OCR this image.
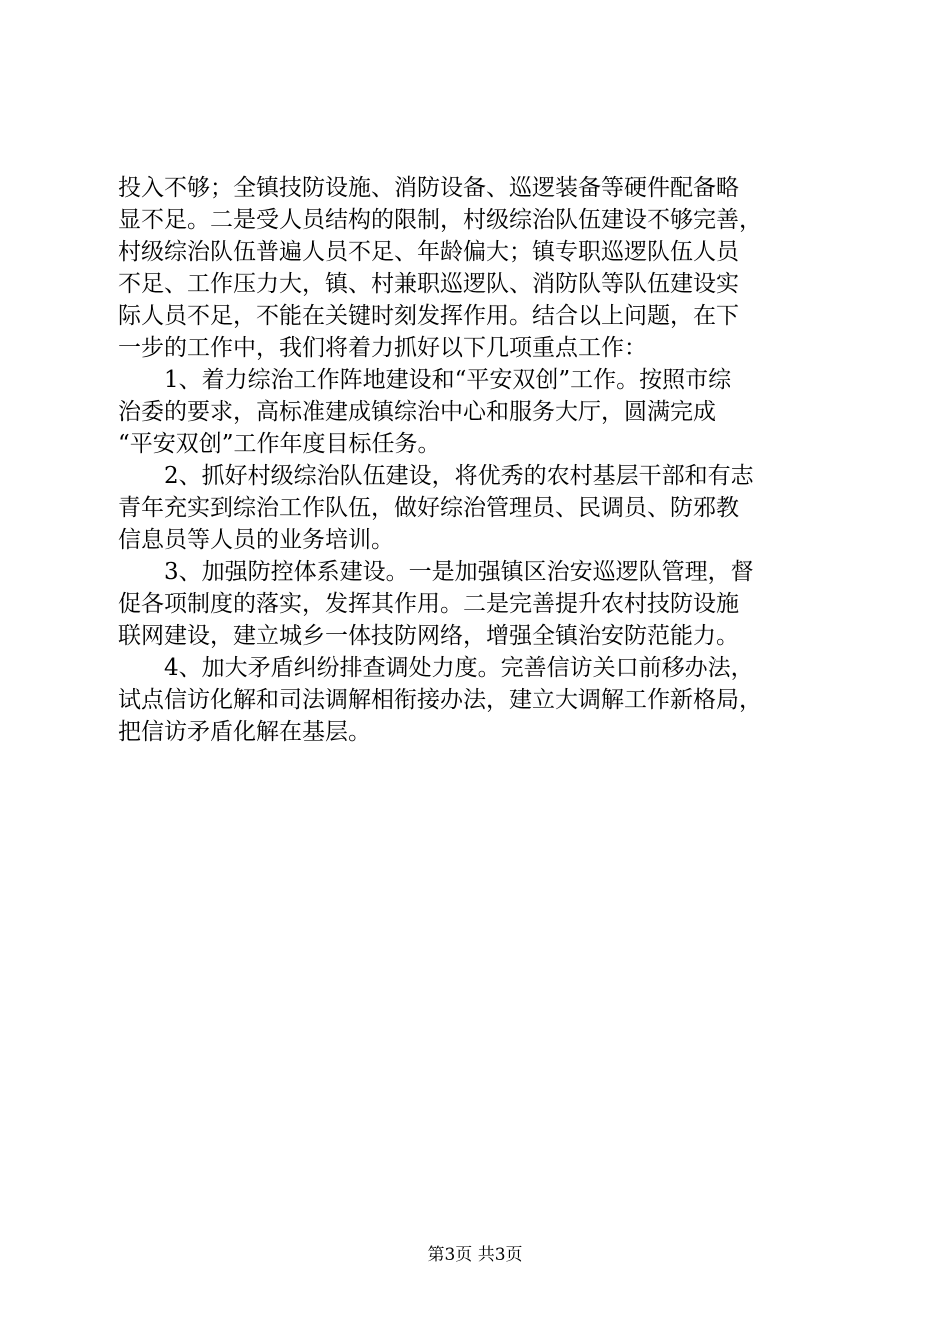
投入不够；全镇技防设施、消防设备、巡逻装备等硬件配备略
显不足。二是受人员结构的限制，村级综治队伍建设不够完善，
村级综治队伍普遍人员不足、年龄偏大；镇专职巡逻队伍人员
不足、工作压力大，镇、村兼职巡逻队、消防队等队伍建设实
际人员不足，不能在关键时刻发挥作用。结合以上问题，在下
一步的工作中，我们将着力抓好以下几项重点工作：
1、着力综治工作阵地建设和“平安双创”工作。按照市综
治委的要求，高标准建成镇综治中心和服务大厅，圆满完成
“平安双创”工作年度目标任务。
2、抓好村级综治队伍建设，将优秀的农村基层干部和有志
青年充实到综治工作队伍，做好综治管理员、民调员、防邪教
信息员等人员的业务培训。
3、加强防控体系建设。一是加强镇区治安巡逻队管理，督
促各项制度的落实，发挥其作用。二是完善提升农村技防设施
联网建设，建立城乡一体技防网络，增强全镇治安防范能力。
4、加大矛盾纠纷排查调处力度。完善信访关口前移办法，
试点信访化解和司法调解相衔接办法，建立大调解工作新格局，
把信访矛盾化解在基层。
第3页 共3页
